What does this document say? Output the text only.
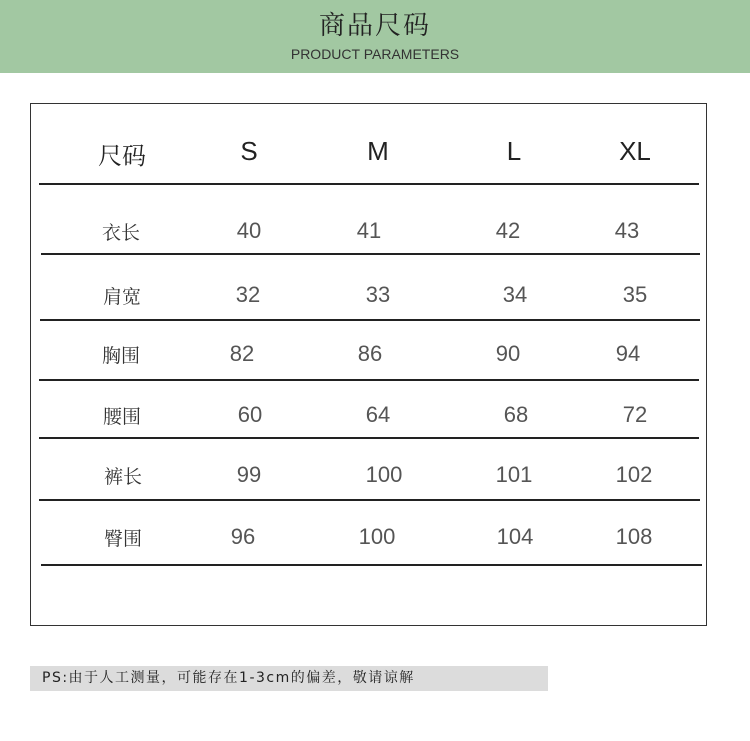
商品尺码
PRODUCT PARAMETERS
尺码	S	M	L	XL
衣长	40	41	42	43
肩宽	32	33	34	35
胸围	82	86	90	94
腰围	60	64	68	72
裤长	99	100	101	102
臀围	96	100	104	108
PS:由于人工测量，可能存在1-3cm的偏差，敬请谅解
